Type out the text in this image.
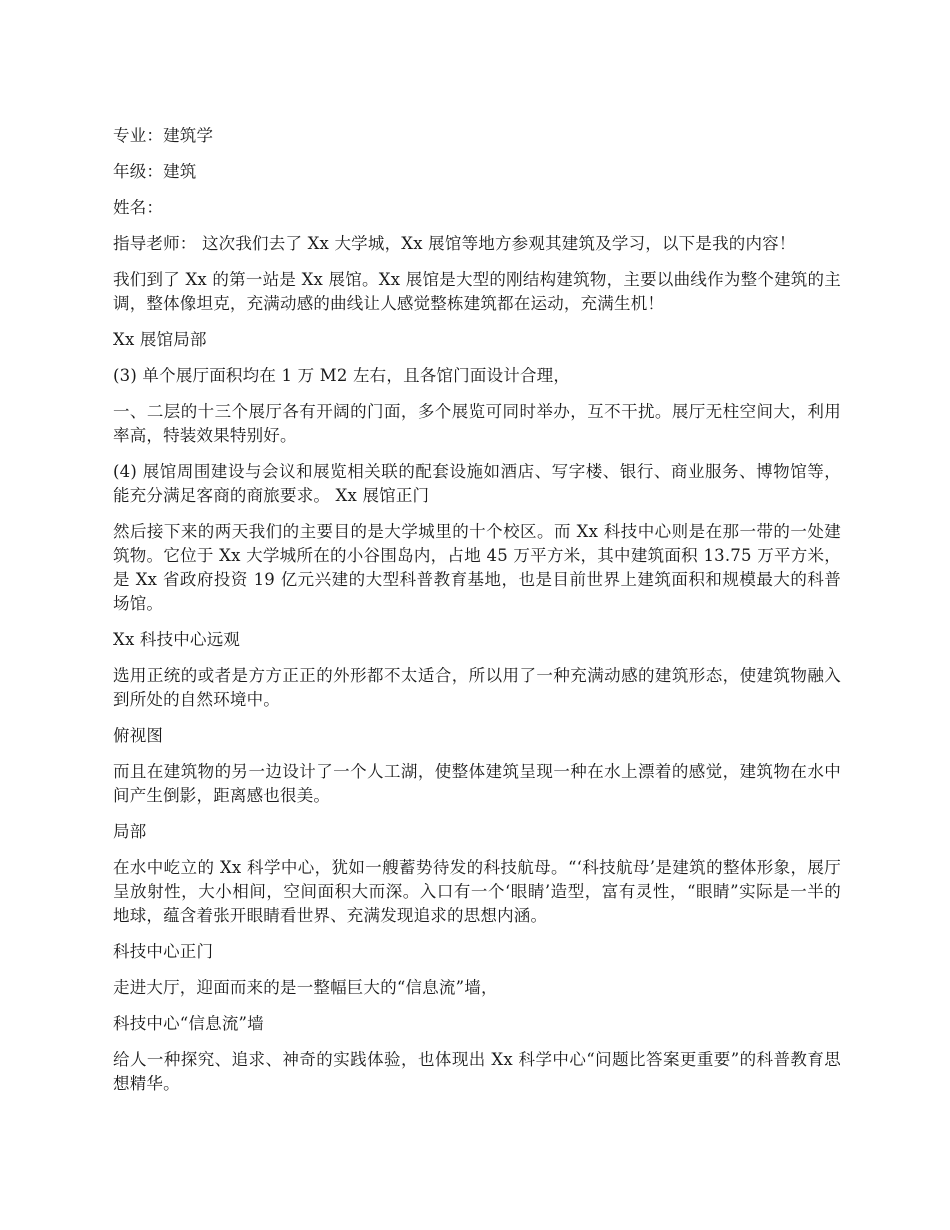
专业：建筑学

年级：建筑

姓名：

指导老师： 这次我们去了 Xx 大学城，Xx 展馆等地方参观其建筑及学习，以下是我的内容！

我们到了 Xx 的第一站是 Xx 展馆。Xx 展馆是大型的刚结构建筑物，主要以曲线作为整个建筑的主调，整体像坦克，充满动感的曲线让人感觉整栋建筑都在运动，充满生机！

Xx 展馆局部

(3) 单个展厅面积均在 1 万 M2 左右，且各馆门面设计合理，

一、二层的十三个展厅各有开阔的门面，多个展览可同时举办，互不干扰。展厅无柱空间大，利用率高，特装效果特别好。

(4) 展馆周围建设与会议和展览相关联的配套设施如酒店、写字楼、银行、商业服务、博物馆等，能充分满足客商的商旅要求。 Xx 展馆正门

然后接下来的两天我们的主要目的是大学城里的十个校区。而 Xx 科技中心则是在那一带的一处建筑物。它位于 Xx 大学城所在的小谷围岛内，占地 45 万平方米，其中建筑面积 13.75 万平方米，是 Xx 省政府投资 19 亿元兴建的大型科普教育基地，也是目前世界上建筑面积和规模最大的科普场馆。

Xx 科技中心远观

选用正统的或者是方方正正的外形都不太适合，所以用了一种充满动感的建筑形态，使建筑物融入到所处的自然环境中。

俯视图

而且在建筑物的另一边设计了一个人工湖，使整体建筑呈现一种在水上漂着的感觉，建筑物在水中间产生倒影，距离感也很美。

局部

在水中屹立的 Xx 科学中心，犹如一艘蓄势待发的科技航母。“‘科技航母’是建筑的整体形象，展厅呈放射性，大小相间，空间面积大而深。入口有一个‘眼睛’造型，富有灵性，“眼睛”实际是一半的地球，蕴含着张开眼睛看世界、充满发现追求的思想内涵。

科技中心正门

走进大厅，迎面而来的是一整幅巨大的“信息流”墙，

科技中心“信息流”墙

给人一种探究、追求、神奇的实践体验，也体现出 Xx 科学中心“问题比答案更重要”的科普教育思想精华。
